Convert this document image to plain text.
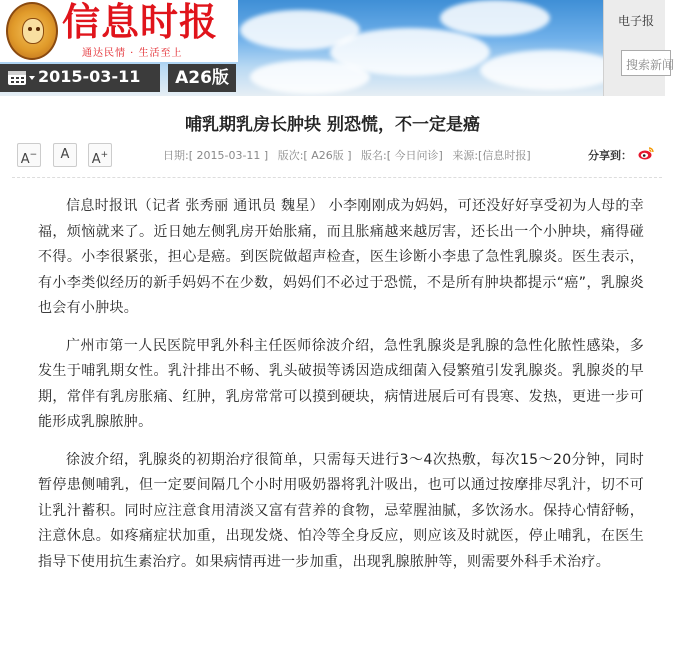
信息时报
通达民情 · 生活至上
2015-03-11	A26版
电子报
搜索新闻
哺乳期乳房长肿块 别恐慌，不一定是癌
A−	A	A+	日期:[ 2015-03-11 ] 版次:[ A26版 ] 版名:[ 今日问诊] 来源:[信息时报]	分享到：

信息时报讯（记者 张秀丽 通讯员 魏星） 小李刚刚成为妈妈，可还没好好享受初为人母的幸福，烦恼就来了。近日她左侧乳房开始胀痛，而且胀痛越来越厉害，还长出一个小肿块，痛得碰不得。小李很紧张，担心是癌。到医院做超声检查，医生诊断小李患了急性乳腺炎。医生表示，有小李类似经历的新手妈妈不在少数，妈妈们不必过于恐慌，不是所有肿块都提示“癌”，乳腺炎也会有小肿块。

广州市第一人民医院甲乳外科主任医师徐波介绍，急性乳腺炎是乳腺的急性化脓性感染，多发生于哺乳期女性。乳汁排出不畅、乳头破损等诱因造成细菌入侵繁殖引发乳腺炎。乳腺炎的早期，常伴有乳房胀痛、红肿，乳房常常可以摸到硬块，病情进展后可有畏寒、发热，更进一步可能形成乳腺脓肿。

徐波介绍，乳腺炎的初期治疗很简单，只需每天进行3～4次热敷，每次15～20分钟，同时暂停患侧哺乳，但一定要间隔几个小时用吸奶器将乳汁吸出，也可以通过按摩排尽乳汁，切不可让乳汁蓄积。同时应注意食用清淡又富有营养的食物，忌荤腥油腻，多饮汤水。保持心情舒畅，注意休息。如疼痛症状加重，出现发烧、怕冷等全身反应，则应该及时就医，停止哺乳，在医生指导下使用抗生素治疗。如果病情再进一步加重，出现乳腺脓肿等，则需要外科手术治疗。
